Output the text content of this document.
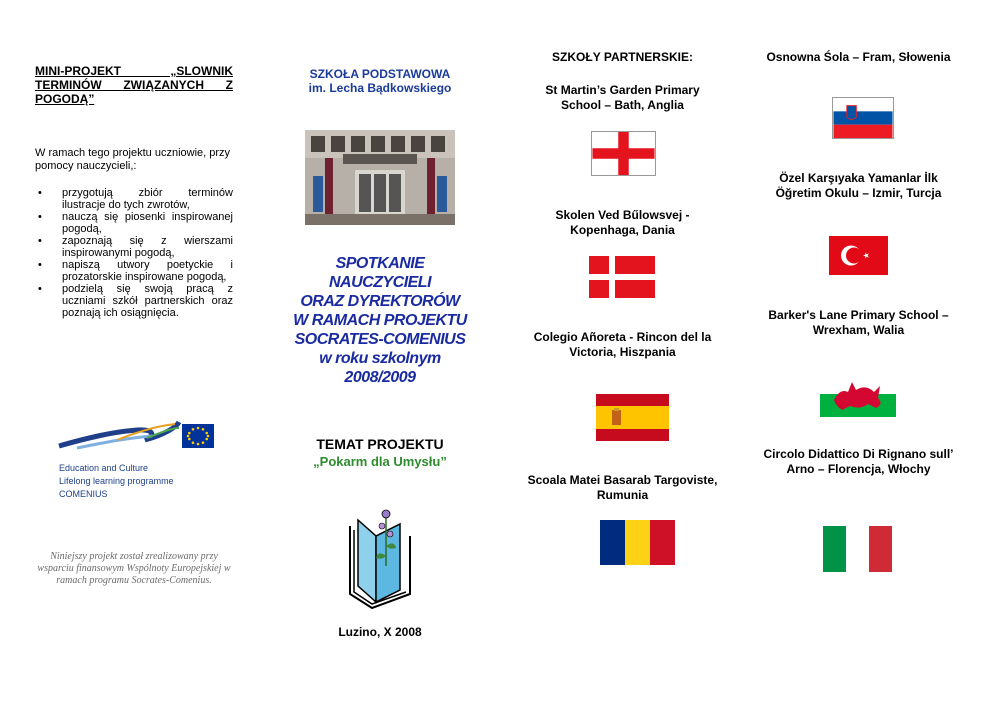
MINI-PROJEKT „SLOWNIK TERMINÓW ZWIĄZANYCH Z POGODĄ”
W ramach tego projektu uczniowie, przy pomocy nauczycieli,:
• przygotują zbiór terminów ilustracje do tych zwrotów,
• nauczą się piosenki inspirowanej pogodą,
• zapoznają się z wierszami inspirowanymi pogodą,
• napiszą utwory poetyckie i prozatorskie inspirowane pogodą,
• podzielą się swoją pracą z uczniami szkół partnerskich oraz poznają ich osiągnięcia.
Education and Culture
Lifelong learning programme
COMENIUS
Niniejszy projekt został zrealizowany przy wsparciu finansowym Wspólnoty Europejskiej w ramach programu Socrates-Comenius.
SZKOŁA PODSTAWOWA
im. Lecha Bądkowskiego
SPOTKANIE
NAUCZYCIELI
ORAZ DYREKTORÓW
W RAMACH PROJEKTU
SOCRATES-COMENIUS
w roku szkolnym
2008/2009
TEMAT PROJEKTU
„Pokarm dla Umysłu”
Luzino, X 2008
SZKOŁY PARTNERSKIE:
St Martin’s Garden Primary School – Bath, Anglia
Skolen Ved Bűlowsvej - Kopenhaga, Dania
Colegio Añoreta - Rincon del la Victoria, Hiszpania
Scoala Matei Basarab Targoviste, Rumunia
Osnowna Śola – Fram, Słowenia
Özel Karşıyaka Yamanlar İlk Öğretim Okulu – Izmir, Turcja
Barker's Lane Primary School – Wrexham, Walia
Circolo Didattico Di Rignano sull’ Arno – Florencja, Włochy
